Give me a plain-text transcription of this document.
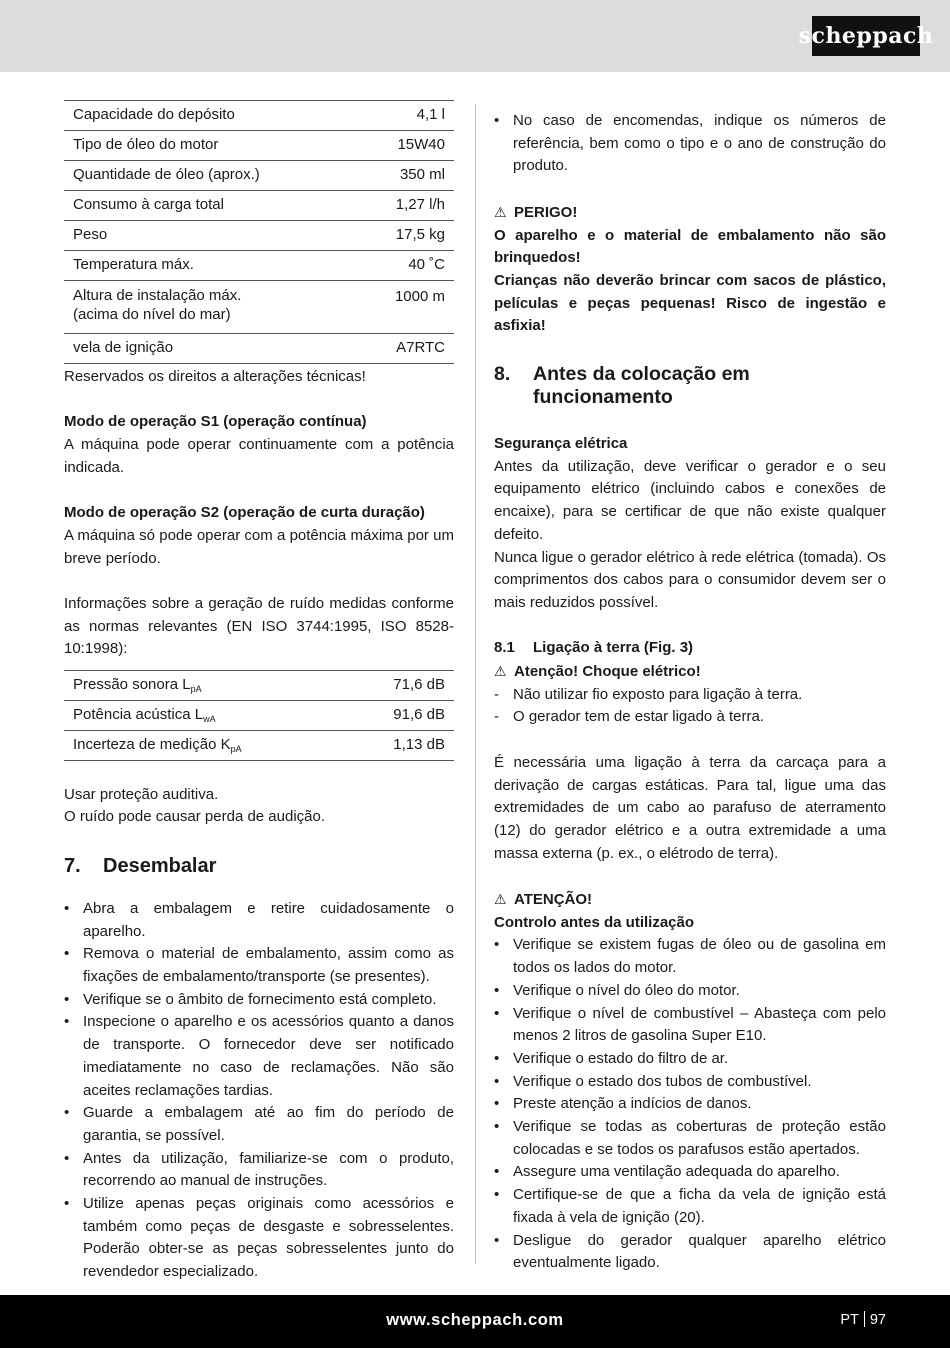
scheppach
Capacidade do depósito	4,1 l
Tipo de óleo do motor	15W40
Quantidade de óleo (aprox.)	350 ml
Consumo à carga total	1,27 l/h
Peso	17,5 kg
Temperatura máx.	40 ˚C
Altura de instalação máx.
(acima do nível do mar)	1000 m
vela de ignição	A7RTC

Reservados os direitos a alterações técnicas!

Modo de operação S1 (operação contínua)

A máquina pode operar continuamente com a potência indicada.

Modo de operação S2 (operação de curta duração)

A máquina só pode operar com a potência máxima por um breve período.

Informações sobre a geração de ruído medidas conforme as normas relevantes (EN ISO 3744:1995, ISO 8528-10:1998):

Pressão sonora $L_{pA}$	71,6 dB
Potência acústica $L_{wA}$	91,6 dB
Incerteza de medição $K_{pA}$	1,13 dB

Usar proteção auditiva.

O ruído pode causar perda de audição.

7.	Desembalar
• Abra a embalagem e retire cuidadosamente o aparelho.
• Remova o material de embalamento, assim como as fixações de embalamento/transporte (se presentes).
• Verifique se o âmbito de fornecimento está completo.
• Inspecione o aparelho e os acessórios quanto a danos de transporte. O fornecedor deve ser notificado imediatamente no caso de reclamações. Não são aceites reclamações tardias.
• Guarde a embalagem até ao fim do período de garantia, se possível.
• Antes da utilização, familiarize-se com o produto, recorrendo ao manual de instruções.
• Utilize apenas peças originais como acessórios e também como peças de desgaste e sobresselentes. Poderão obter-se as peças sobresselentes junto do revendedor especializado.
• No caso de encomendas, indique os números de referência, bem como o tipo e o ano de construção do produto.

⚠ PERIGO!

O aparelho e o material de embalamento não são brinquedos!

Crianças não deverão brincar com sacos de plástico, películas e peças pequenas! Risco de ingestão e asfixia!

8.	Antes da colocação em funcionamento

Segurança elétrica

Antes da utilização, deve verificar o gerador e o seu equipamento elétrico (incluindo cabos e conexões de encaixe), para se certificar de que não existe qualquer defeito.

Nunca ligue o gerador elétrico à rede elétrica (tomada). Os comprimentos dos cabos para o consumidor devem ser o mais reduzidos possível.

8.1	Ligação à terra (Fig. 3)

⚠ Atenção! Choque elétrico!

- Não utilizar fio exposto para ligação à terra.
- O gerador tem de estar ligado à terra.

É necessária uma ligação à terra da carcaça para a derivação de cargas estáticas. Para tal, ligue uma das extremidades de um cabo ao parafuso de aterramento (12) do gerador elétrico e a outra extremidade a uma massa externa (p. ex., o elétrodo de terra).

⚠ ATENÇÃO!

Controlo antes da utilização

• Verifique se existem fugas de óleo ou de gasolina em todos os lados do motor.
• Verifique o nível do óleo do motor.
• Verifique o nível de combustível – Abasteça com pelo menos 2 litros de gasolina Super E10.
• Verifique o estado do filtro de ar.
• Verifique o estado dos tubos de combustível.
• Preste atenção a indícios de danos.
• Verifique se todas as coberturas de proteção estão colocadas e se todos os parafusos estão apertados.
• Assegure uma ventilação adequada do aparelho.
• Certifique-se de que a ficha da vela de ignição está fixada à vela de ignição (20).
• Desligue do gerador qualquer aparelho elétrico eventualmente ligado.
www.scheppach.com	PT 97
